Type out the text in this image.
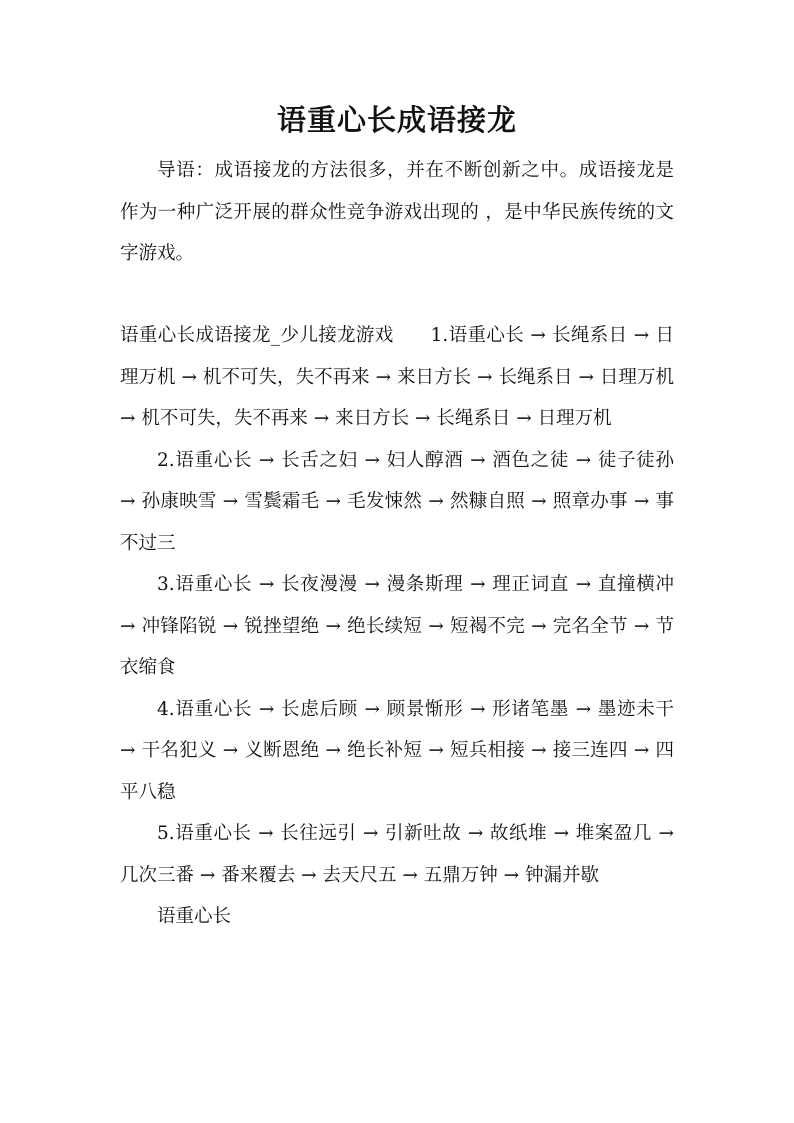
语重心长成语接龙

导语：成语接龙的方法很多，并在不断创新之中。成语接龙是作为一种广泛开展的群众性竞争游戏出现的 ，是中华民族传统的文字游戏。

语重心长成语接龙_少儿接龙游戏   1.语重心长 → 长绳系日 → 日理万机 → 机不可失，失不再来 → 来日方长 → 长绳系日 → 日理万机 → 机不可失，失不再来 → 来日方长 → 长绳系日 → 日理万机

2.语重心长 → 长舌之妇 → 妇人醇酒 → 酒色之徒 → 徒子徒孙 → 孙康映雪 → 雪鬓霜毛 → 毛发悚然 → 然糠自照 → 照章办事 → 事不过三

3.语重心长 → 长夜漫漫 → 漫条斯理 → 理正词直 → 直撞横冲 → 冲锋陷锐 → 锐挫望绝 → 绝长续短 → 短褐不完 → 完名全节 → 节衣缩食

4.语重心长 → 长虑后顾 → 顾景惭形 → 形诸笔墨 → 墨迹未干 → 干名犯义 → 义断恩绝 → 绝长补短 → 短兵相接 → 接三连四 → 四平八稳

5.语重心长 → 长往远引 → 引新吐故 → 故纸堆 → 堆案盈几 → 几次三番 → 番来覆去 → 去天尺五 → 五鼎万钟 → 钟漏并歇

语重心长
